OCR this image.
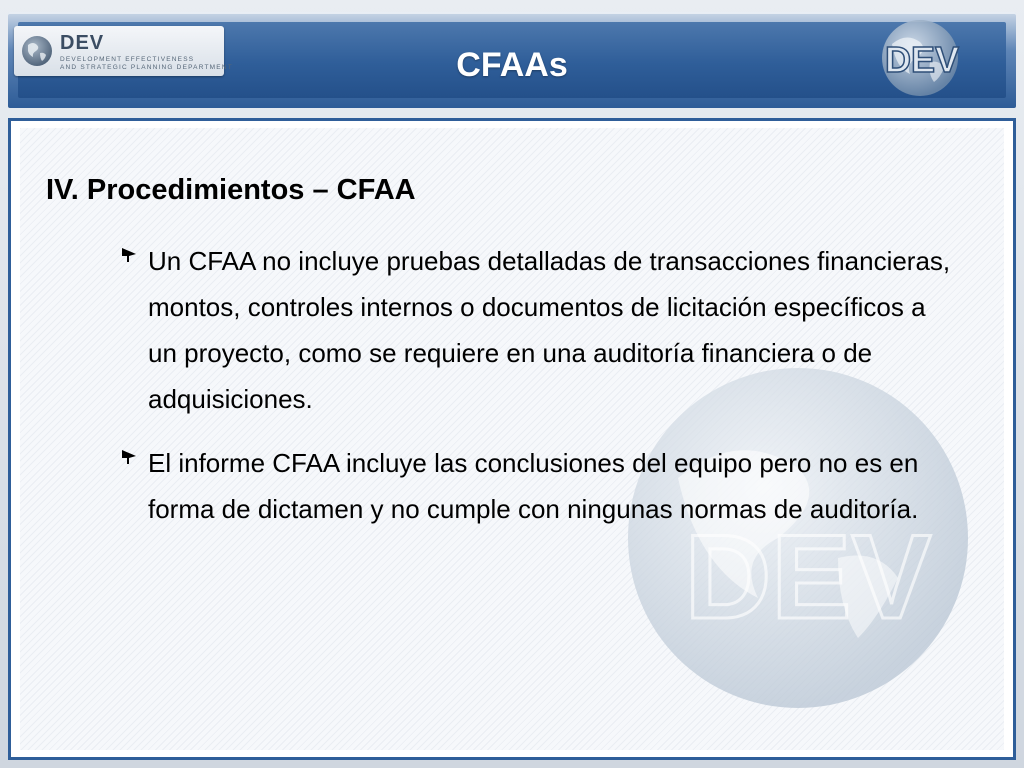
DEV
DEVELOPMENT EFFECTIVENESS
AND STRATEGIC PLANNING DEPARTMENT	CFAAs	DEV
DEV
IV. Procedimientos – CFAA
Un CFAA no incluye pruebas detalladas de transacciones financieras, montos, controles internos o documentos de licitación específicos a un proyecto, como se requiere en una auditoría financiera o de adquisiciones.
El informe CFAA incluye las conclusiones del equipo pero no es en forma de dictamen y no cumple con ningunas normas de auditoría.
